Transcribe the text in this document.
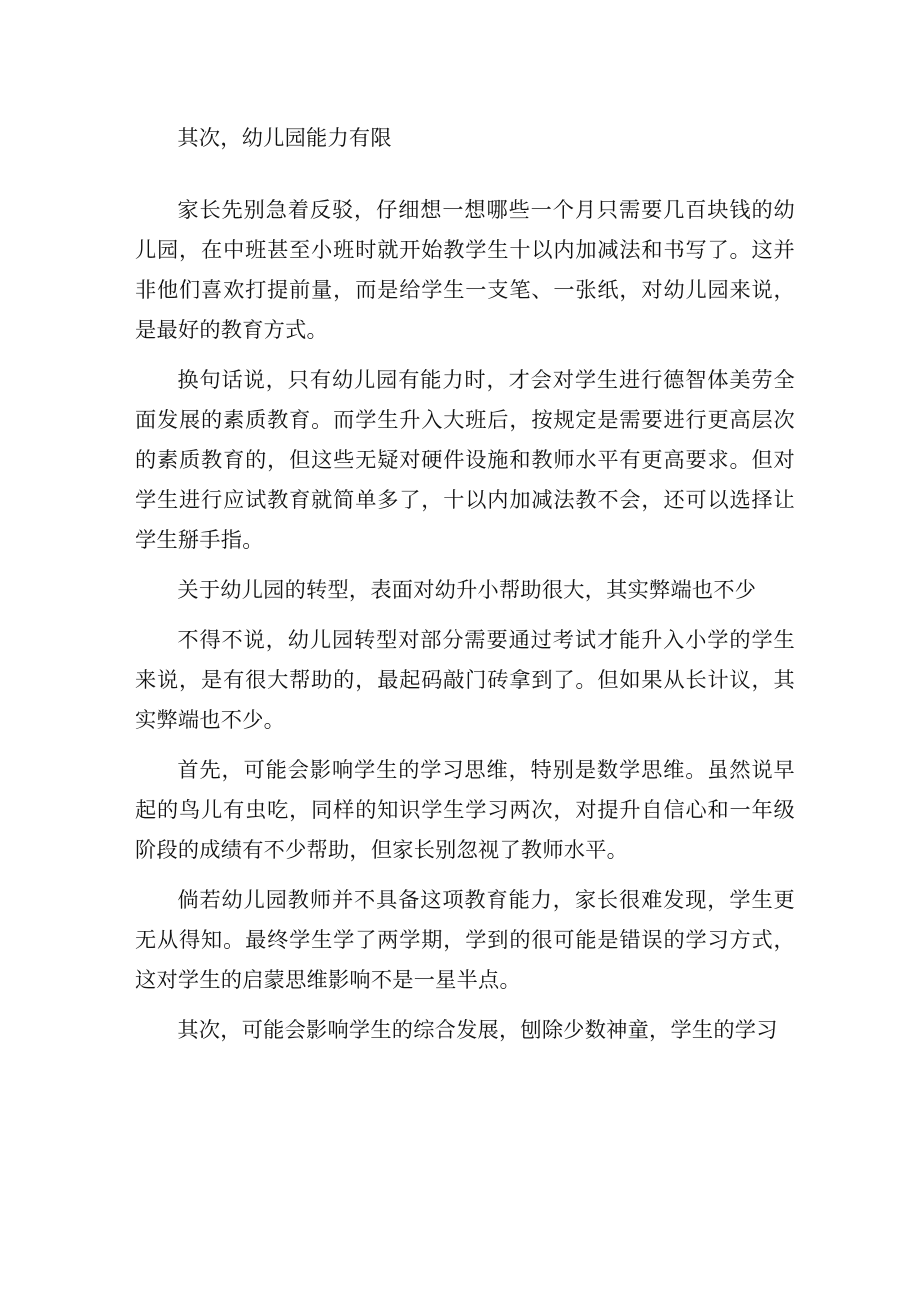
其次，幼儿园能力有限

家长先别急着反驳，仔细想一想哪些一个月只需要几百块钱的幼儿园，在中班甚至小班时就开始教学生十以内加减法和书写了。这并非他们喜欢打提前量，而是给学生一支笔、一张纸，对幼儿园来说，是最好的教育方式。

换句话说，只有幼儿园有能力时，才会对学生进行德智体美劳全面发展的素质教育。而学生升入大班后，按规定是需要进行更高层次的素质教育的，但这些无疑对硬件设施和教师水平有更高要求。但对学生进行应试教育就简单多了，十以内加减法教不会，还可以选择让学生掰手指。

关于幼儿园的转型，表面对幼升小帮助很大，其实弊端也不少

不得不说，幼儿园转型对部分需要通过考试才能升入小学的学生来说，是有很大帮助的，最起码敲门砖拿到了。但如果从长计议，其实弊端也不少。

首先，可能会影响学生的学习思维，特别是数学思维。虽然说早起的鸟儿有虫吃，同样的知识学生学习两次，对提升自信心和一年级阶段的成绩有不少帮助，但家长别忽视了教师水平。

倘若幼儿园教师并不具备这项教育能力，家长很难发现，学生更无从得知。最终学生学了两学期，学到的很可能是错误的学习方式，这对学生的启蒙思维影响不是一星半点。

其次，可能会影响学生的综合发展，刨除少数神童，学生的学习
